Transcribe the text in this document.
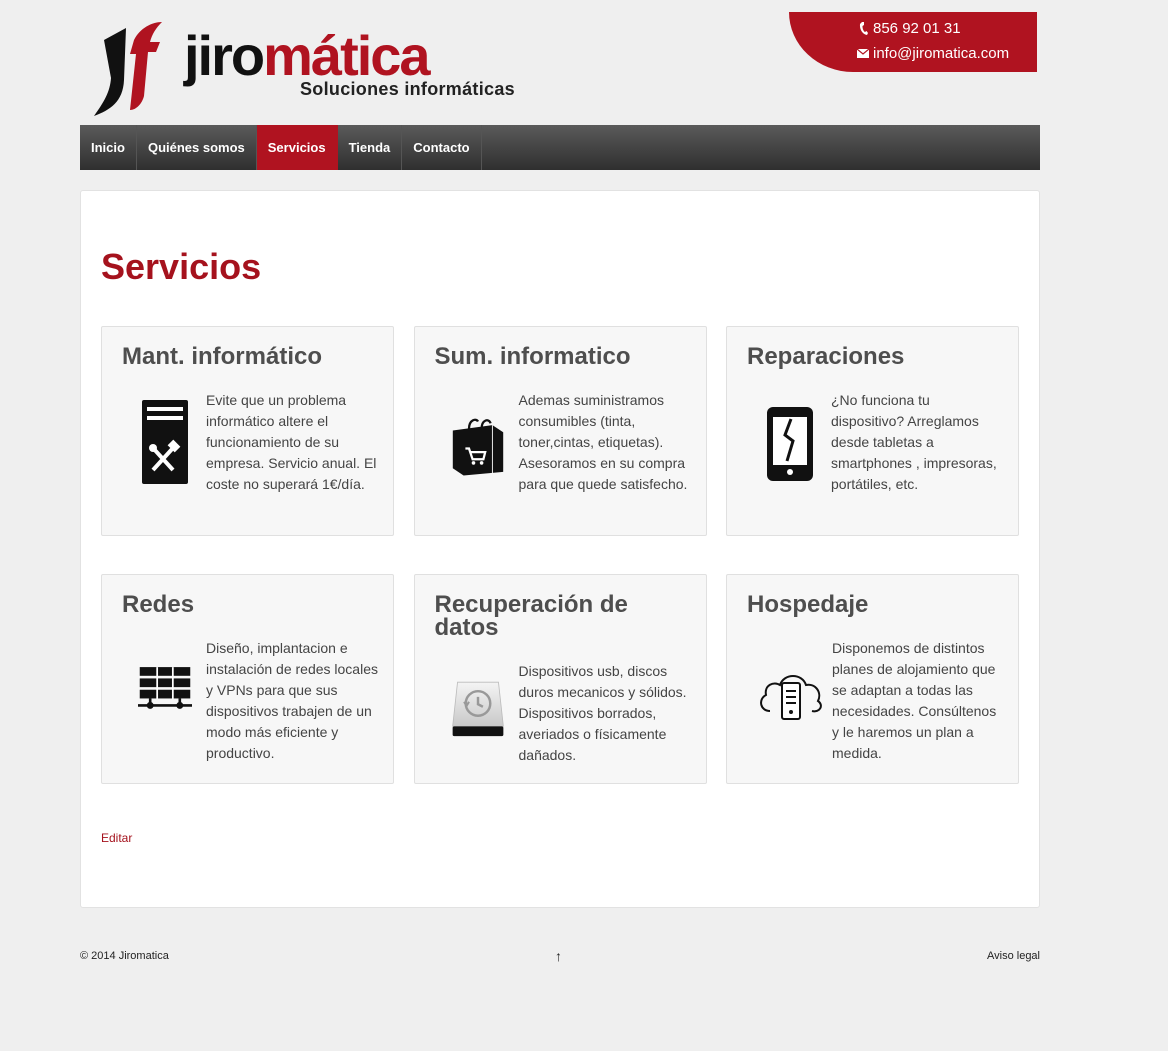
jiromática
Soluciones informáticas
856 92 01 31
info@jiromatica.com
Inicio	Quiénes somos	Servicios	Tienda	Contacto
Servicios
Mant. informático

Evite que un problema informático altere el funcionamiento de su empresa. Servicio anual. El coste no superará 1€/día.

Sum. informatico

Ademas suministramos consumibles (tinta, toner,cintas, etiquetas). Asesoramos en su compra para que quede satisfecho.

Reparaciones

¿No funciona tu dispositivo? Arreglamos desde tabletas a smartphones , impresoras, portátiles, etc.

Redes

Diseño, implantacion e instalación de redes locales y VPNs para que sus dispositivos trabajen de un modo más eficiente y productivo.

Recuperación de datos

Dispositivos usb, discos duros mecanicos y sólidos. Dispositivos borrados, averiados o físicamente dañados.

Hospedaje

Disponemos de distintos planes de alojamiento que se adaptan a todas las necesidades. Consúltenos y le haremos un plan a medida.

Editar
© 2014 Jiromatica	↑	Aviso legal
